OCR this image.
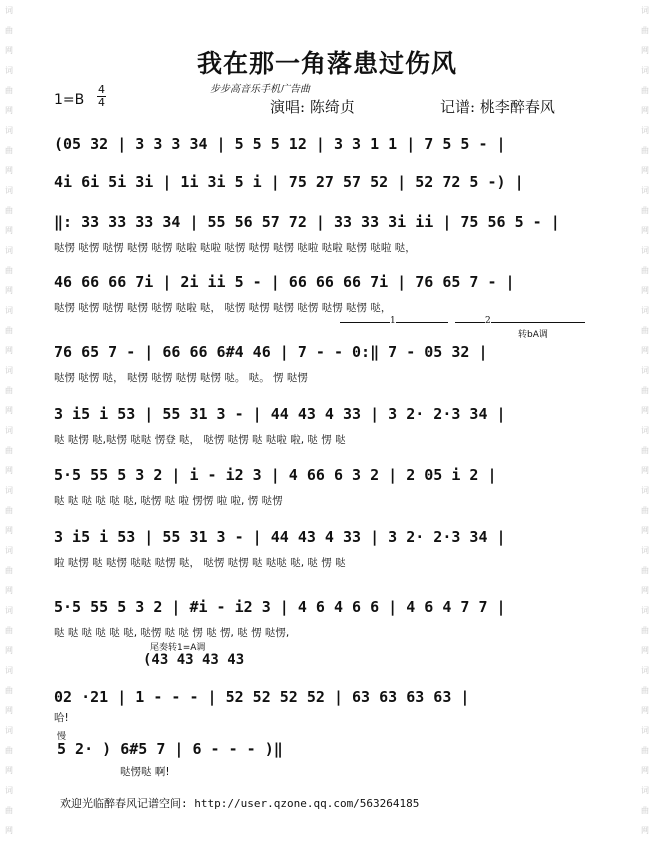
词
曲
网
词
曲
网
词
曲
网
词
曲
网
词
曲
网
词
曲
网
词
曲
网
词
曲
网
词
曲
网
词
曲
网
词
曲
网
词
曲
网
词
曲
网
词
曲
网
词
曲
网
词
曲
网
词
曲
网
词
曲
网
词
曲
网
词
曲
网
词
曲
网
词
曲
网
词
曲
网
词
曲
网
词
曲
网
词
曲
网
词
曲
网
词
曲
网
我在那一角落患过伤风
步步高音乐手机广告曲
1=B
4
4	演唱: 陈绮贞	记谱: 桃李醉春风
1	2
转bA调
尾奏转1=A调
(43 43 43 43
慢
(05 32 | 3 3 3 34 | 5 5 5 12 | 3 3 1 1 | 7 5 5 - |
4i 6i 5i 3i | 1i 3i 5 i | 75 27 57 52 | 52 72 5 -) |
‖: 33 33 33 34 | 55 56 57 72 | 33 33 3i ii | 75 56 5 - |
哒愣 哒愣 哒愣 哒愣 哒愣 哒啦 哒啦 哒愣 哒愣 哒愣 哒啦 哒啦 哒愣 哒啦 哒，
46 66 66 7i | 2i ii 5 - | 66 66 66 7i | 76 65 7 - |
哒愣 哒愣 哒愣 哒愣 哒愣 哒啦 哒， 哒愣 哒愣 哒愣 哒愣 哒愣 哒愣 哒，
76 65 7 - | 66 66 6#4 46 | 7 - - 0:‖ 7 - 05 32 |
哒愣 哒愣 哒， 哒愣 哒愣 哒愣 哒愣 哒。 哒。 愣 哒愣
3 i5 i 53 | 55 31 3 - | 44 43 4 33 | 3 2· 2·3 34 |
哒 哒愣 哒,哒愣 哒哒 愣登 哒， 哒愣 哒愣 哒 哒啦 啦, 哒 愣 哒
5·5 55 5 3 2 | i - i2 3 | 4 66 6 3 2 | 2 05 i 2 |
哒 哒 哒 哒 哒 哒, 哒愣 哒 啦 愣愣 啦 啦, 愣 哒愣
3 i5 i 53 | 55 31 3 - | 44 43 4 33 | 3 2· 2·3 34 |
啦 哒愣 哒 哒愣 哒哒 哒愣 哒， 哒愣 哒愣 哒 哒哒 哒, 哒 愣 哒
5·5 55 5 3 2 | #i - i2 3 | 4 6 4 6 6 | 4 6 4 7 7 |
哒 哒 哒 哒 哒 哒, 哒愣 哒 哒 愣 哒 愣, 哒 愣 哒愣,
02 ·21 | 1 - - - | 52 52 52 52 | 63 63 63 63 |
哈!
5 2· ) 6#5 7 | 6 - - - )‖
哒愣哒 啊!
欢迎光临醉春风记谱空间: http://user.qzone.qq.com/563264185
